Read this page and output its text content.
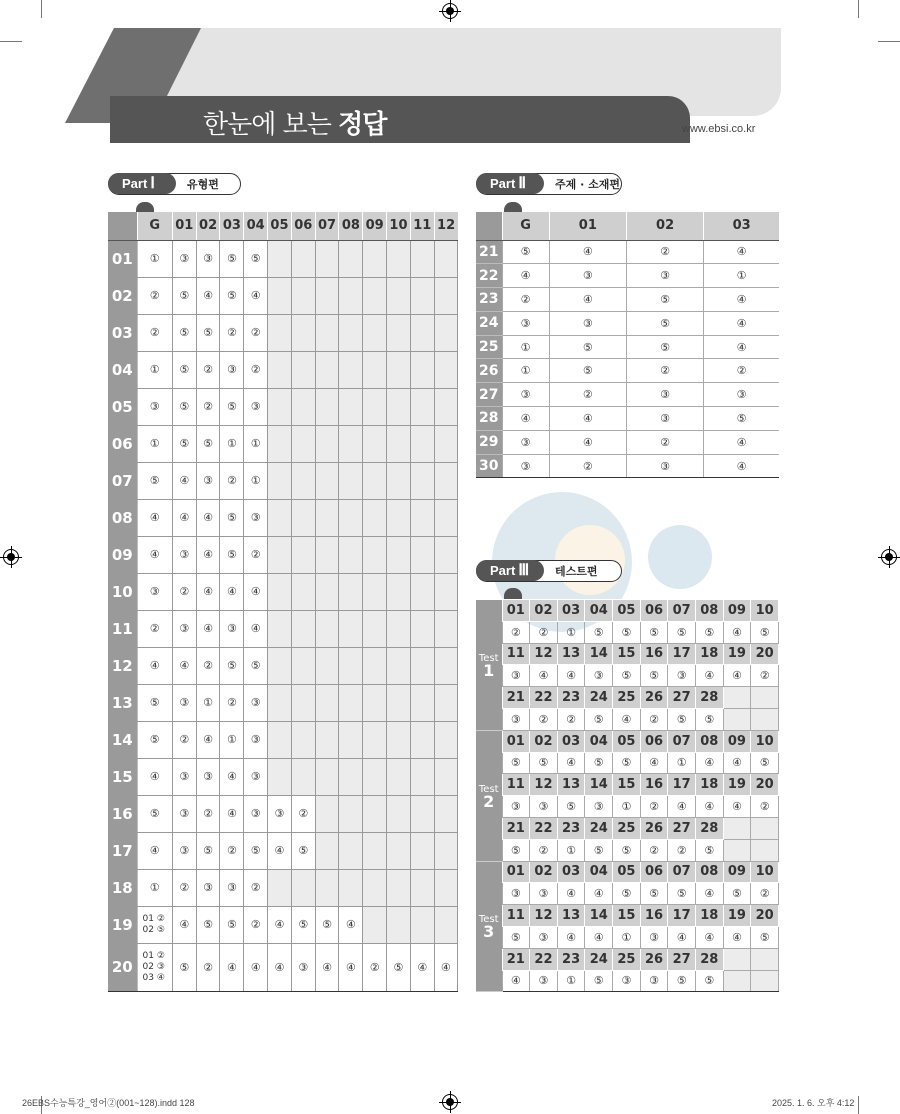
한눈에 보는 정답	www.ebsi.co.kr
Part Ⅰ	유형편
	G	01	02	03	04	05	06	07	08	09	10	11	12
01	①	③	③	⑤	⑤								
02	②	⑤	④	⑤	④								
03	②	⑤	⑤	②	②								
04	①	⑤	②	③	②								
05	③	⑤	②	⑤	③								
06	①	⑤	⑤	①	①								
07	⑤	④	③	②	①								
08	④	④	④	⑤	③								
09	④	③	④	⑤	②								
10	③	②	④	④	④								
11	②	③	④	③	④								
12	④	④	②	⑤	⑤								
13	⑤	③	①	②	③								
14	⑤	②	④	①	③								
15	④	③	③	④	③								
16	⑤	③	②	④	③	③	②						
17	④	③	⑤	②	⑤	④	⑤						
18	①	②	③	③	②								
19	01 ②
02 ⑤	④	⑤	⑤	②	④	⑤	⑤	④				
20	01 ②
02 ③
03 ④	⑤	②	④	④	④	③	④	④	②	⑤	④	④
Part Ⅱ	주제 · 소재편
	G	01	02	03
21	⑤	④	②	④
22	④	③	③	①
23	②	④	⑤	④
24	③	③	⑤	④
25	①	⑤	⑤	④
26	①	⑤	②	②
27	③	②	③	③
28	④	④	③	⑤
29	③	④	②	④
30	③	②	③	④
Part Ⅲ	테스트편
Test
1	01	02	03	04	05	06	07	08	09	10
	②	②	①	⑤	⑤	⑤	⑤	⑤	④	⑤
	11	12	13	14	15	16	17	18	19	20
	③	④	④	③	⑤	⑤	③	④	④	②
	21	22	23	24	25	26	27	28		
	③	②	②	⑤	④	②	⑤	⑤		
Test
2	01	02	03	04	05	06	07	08	09	10
	⑤	⑤	④	⑤	⑤	④	①	④	④	⑤
	11	12	13	14	15	16	17	18	19	20
	③	③	⑤	③	①	②	④	④	④	②
	21	22	23	24	25	26	27	28		
	⑤	②	①	⑤	⑤	②	②	⑤		
Test
3	01	02	03	04	05	06	07	08	09	10
	③	③	④	④	⑤	⑤	⑤	④	⑤	②
	11	12	13	14	15	16	17	18	19	20
	⑤	③	④	④	①	③	④	④	④	⑤
	21	22	23	24	25	26	27	28		
	④	③	①	⑤	③	③	⑤	⑤		
26EBS수능특강_영어②(001~128).indd 128	2025. 1. 6. 오후 4:12
